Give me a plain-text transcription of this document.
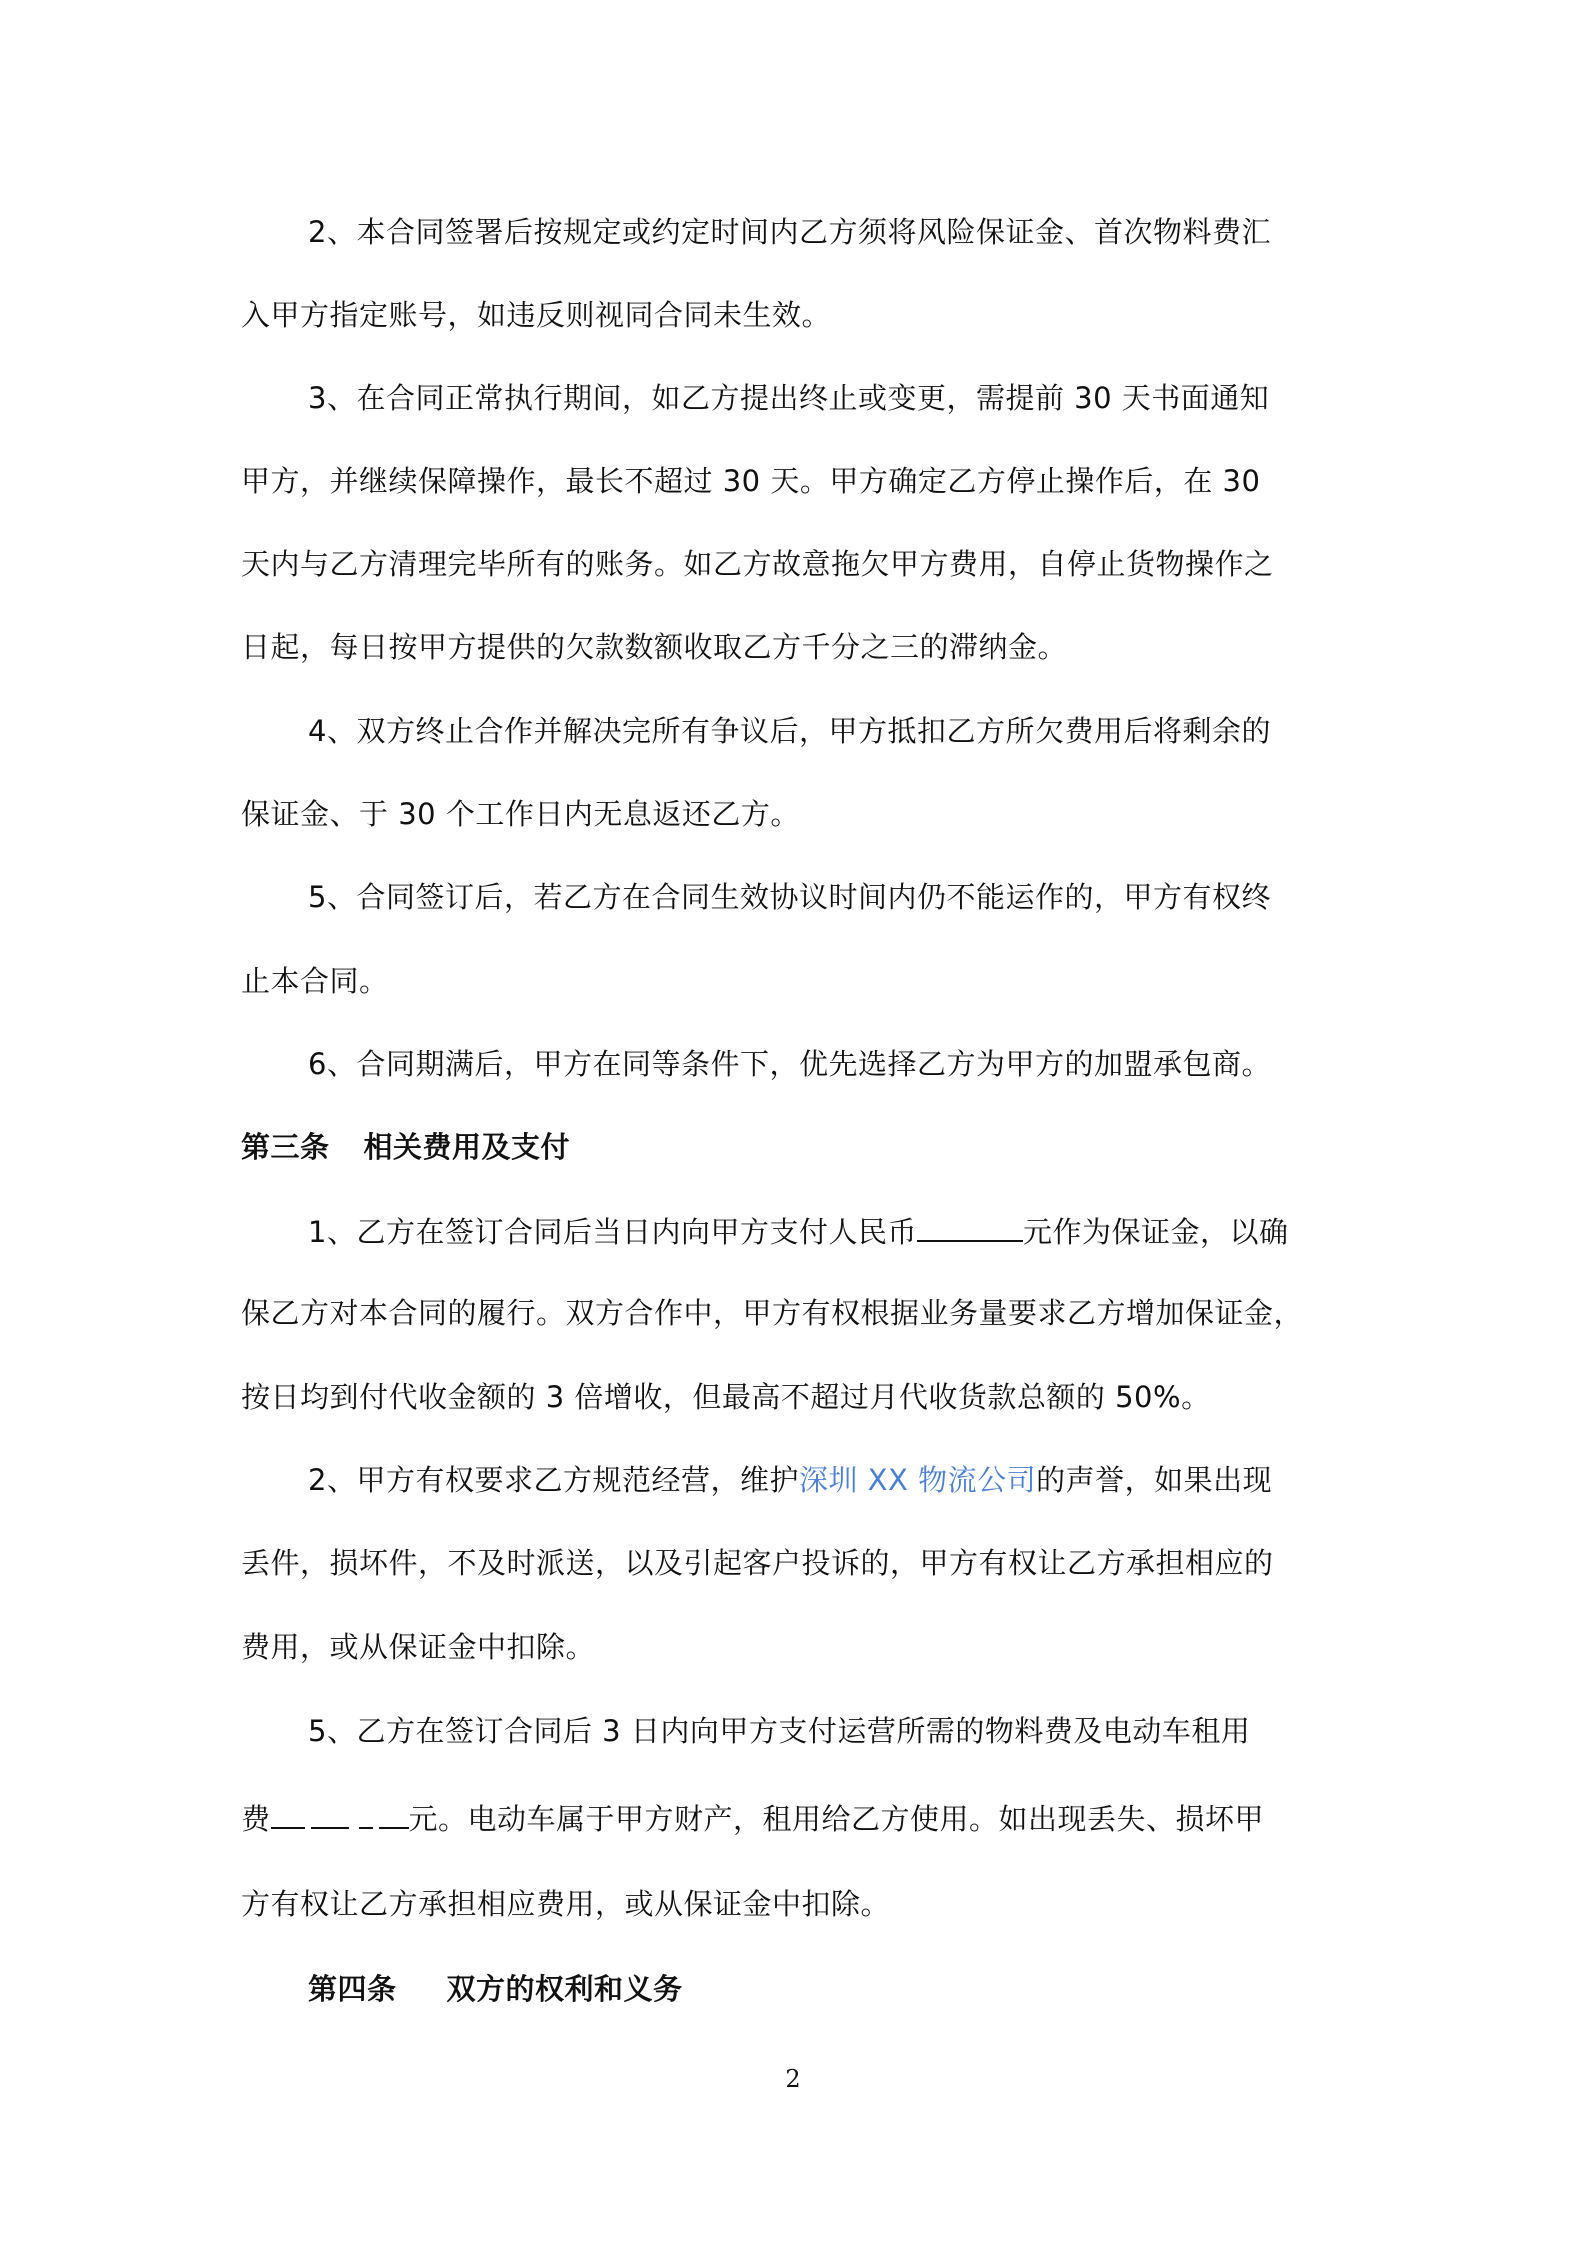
2、本合同签署后按规定或约定时间内乙方须将风险保证金、首次物料费汇
入甲方指定账号，如违反则视同合同未生效。
3、在合同正常执行期间，如乙方提出终止或变更，需提前 30 天书面通知
甲方，并继续保障操作，最长不超过 30 天。甲方确定乙方停止操作后，在 30
天内与乙方清理完毕所有的账务。如乙方故意拖欠甲方费用，自停止货物操作之
日起，每日按甲方提供的欠款数额收取乙方千分之三的滞纳金。
4、双方终止合作并解决完所有争议后，甲方抵扣乙方所欠费用后将剩余的
保证金、于 30 个工作日内无息返还乙方。
5、合同签订后，若乙方在合同生效协议时间内仍不能运作的，甲方有权终
止本合同。
6、合同期满后，甲方在同等条件下，优先选择乙方为甲方的加盟承包商。
第三条 相关费用及支付
1、乙方在签订合同后当日内向甲方支付人民币	元作为保证金，以确
保乙方对本合同的履行。双方合作中，甲方有权根据业务量要求乙方增加保证金，
按日均到付代收金额的 3 倍增收，但最高不超过月代收货款总额的 50%。
2、甲方有权要求乙方规范经营，维护深圳 XX 物流公司的声誉，如果出现
丢件，损坏件，不及时派送，以及引起客户投诉的，甲方有权让乙方承担相应的
费用，或从保证金中扣除。
5、乙方在签订合同后 3 日内向甲方支付运营所需的物料费及电动车租用
费	元。电动车属于甲方财产，租用给乙方使用。如出现丢失、损坏甲
方有权让乙方承担相应费用，或从保证金中扣除。
第四条 双方的权利和义务
2
